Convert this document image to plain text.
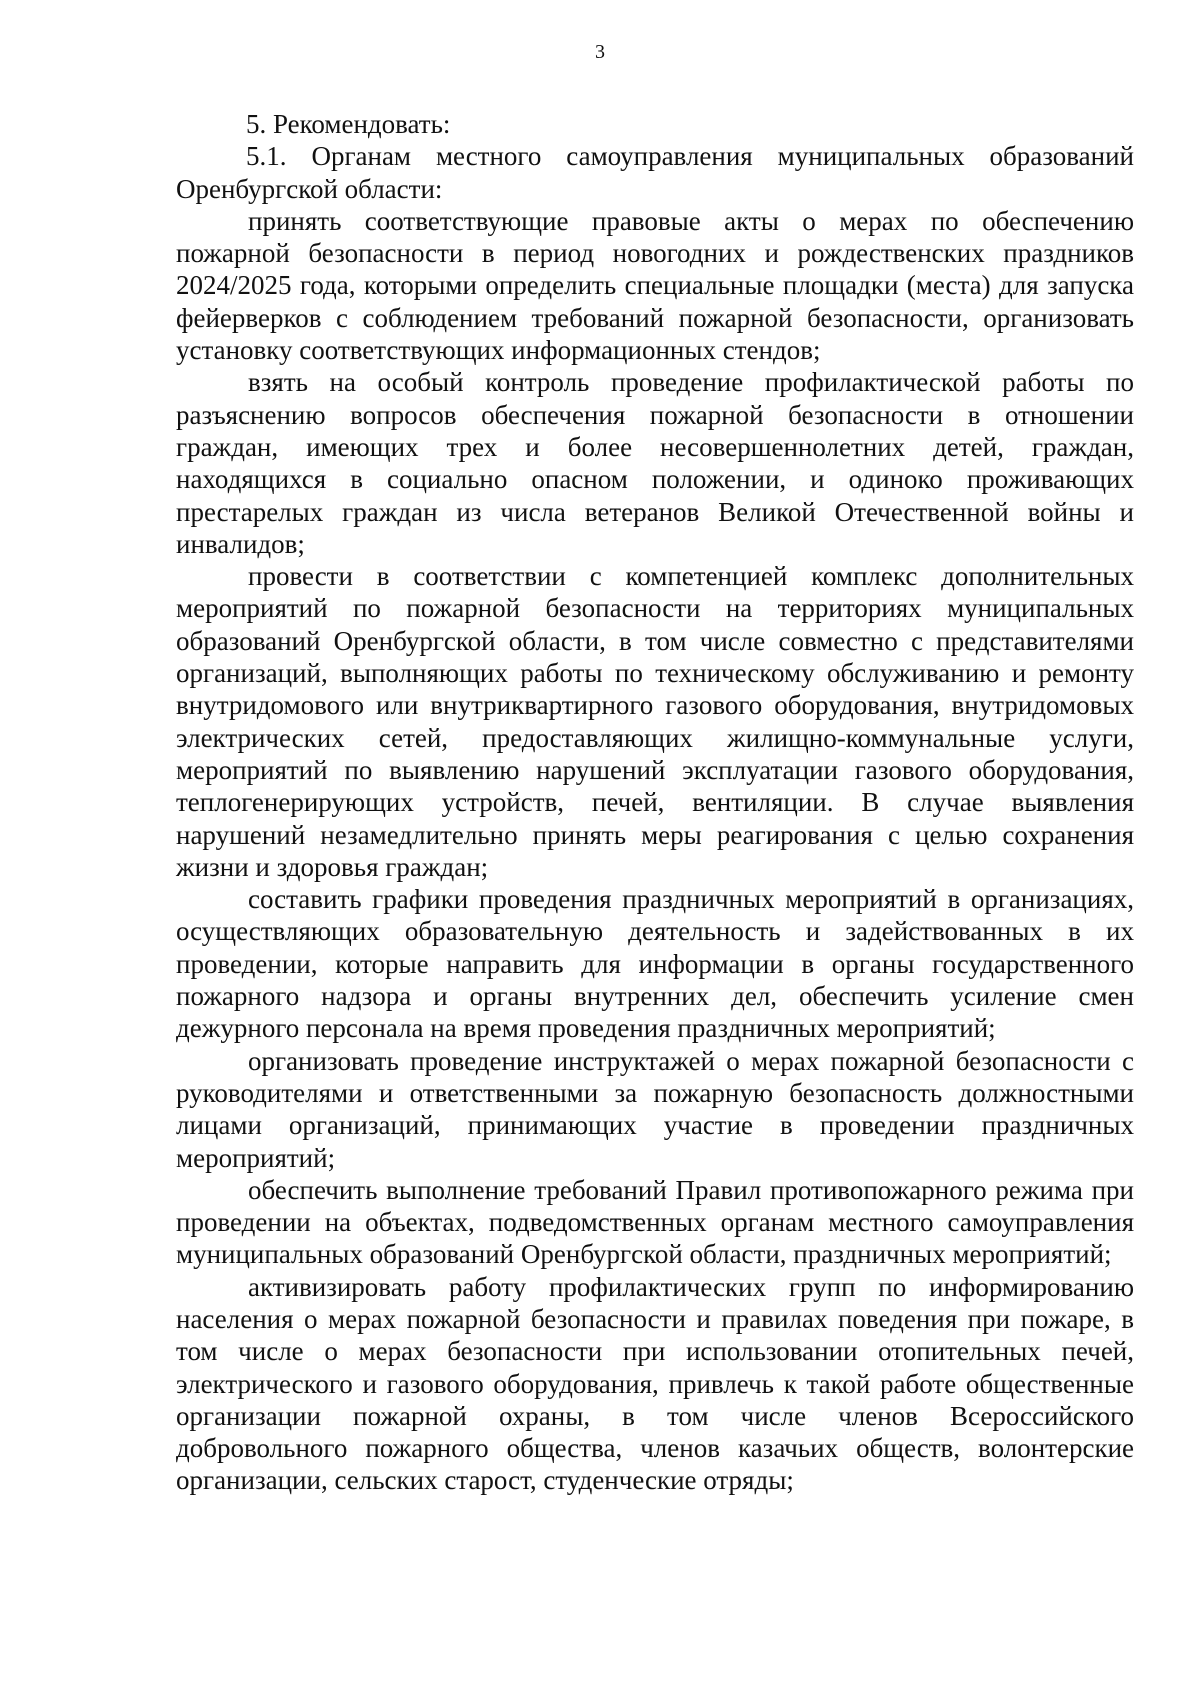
3

5. Рекомендовать:

5.1. Органам местного самоуправления муниципальных образований Оренбургской области:

принять соответствующие правовые акты о мерах по обеспечению пожарной безопасности в период новогодних и рождественских праздников 2024/2025 года, которыми определить специальные площадки (места) для запуска фейерверков с соблюдением требований пожарной безопасности, организовать установку соответствующих информационных стендов;

взять на особый контроль проведение профилактической работы по разъяснению вопросов обеспечения пожарной безопасности в отношении граждан, имеющих трех и более несовершеннолетних детей, граждан, находящихся в социально опасном положении, и одиноко проживающих престарелых граждан из числа ветеранов Великой Отечественной войны и инвалидов;

провести в соответствии с компетенцией комплекс дополнительных мероприятий по пожарной безопасности на территориях муниципальных образований Оренбургской области, в том числе совместно с представителями организаций, выполняющих работы по техническому обслуживанию и ремонту внутридомового или внутриквартирного газового оборудования, внутридомовых электрических сетей, предоставляющих жилищно-коммунальные услуги, мероприятий по выявлению нарушений эксплуатации газового оборудования, теплогенерирующих устройств, печей, вентиляции. В случае выявления нарушений незамедлительно принять меры реагирования с целью сохранения жизни и здоровья граждан;

составить графики проведения праздничных мероприятий в организациях, осуществляющих образовательную деятельность и задействованных в их проведении, которые направить для информации в органы государственного пожарного надзора и органы внутренних дел, обеспечить усиление смен дежурного персонала на время проведения праздничных мероприятий;

организовать проведение инструктажей о мерах пожарной безопасности с руководителями и ответственными за пожарную безопасность должностными лицами организаций, принимающих участие в проведении праздничных мероприятий;

обеспечить выполнение требований Правил противопожарного режима при проведении на объектах, подведомственных органам местного самоуправления муниципальных образований Оренбургской области, праздничных мероприятий;

активизировать работу профилактических групп по информированию населения о мерах пожарной безопасности и правилах поведения при пожаре, в том числе о мерах безопасности при использовании отопительных печей, электрического и газового оборудования, привлечь к такой работе общественные организации пожарной охраны, в том числе членов Всероссийского добровольного пожарного общества, членов казачьих обществ, волонтерские организации, сельских старост, студенческие отряды;
